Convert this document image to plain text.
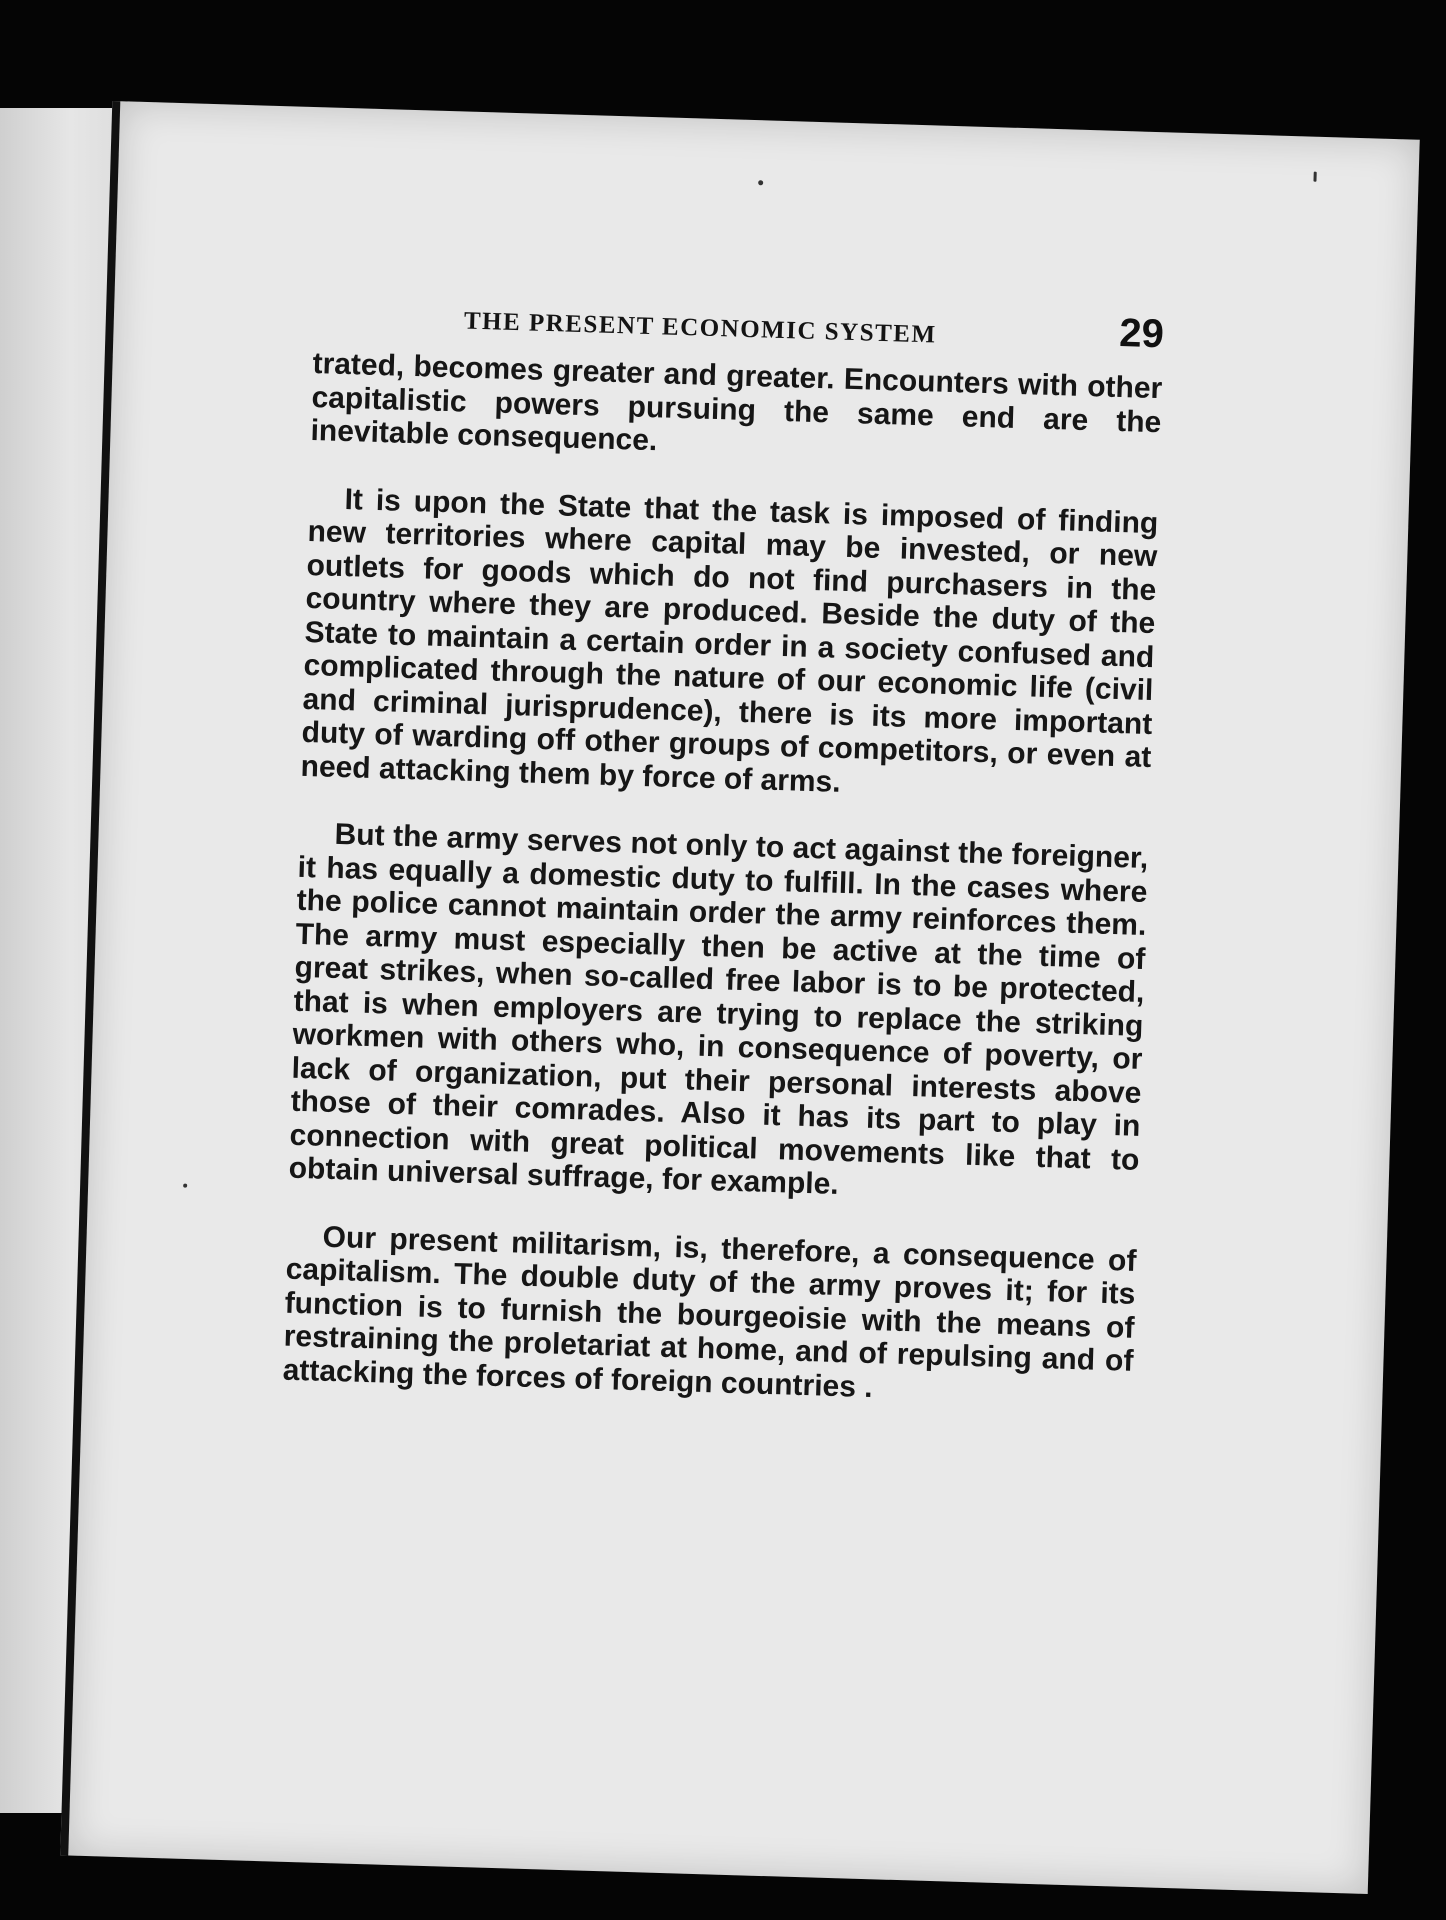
THE PRESENT ECONOMIC SYSTEM	29

trated, becomes greater and greater. Encounters with other capitalistic powers pursuing the same end are the inevitable consequence.

It is upon the State that the task is imposed of finding new territories where capital may be invested, or new outlets for goods which do not find purchasers in the country where they are produced. Beside the duty of the State to maintain a certain order in a society confused and complicated through the nature of our economic life (civil and criminal jurisprudence), there is its more important duty of warding off other groups of competitors, or even at need attacking them by force of arms.

But the army serves not only to act against the foreigner, it has equally a domestic duty to fulfill. In the cases where the police cannot maintain order the army reinforces them. The army must especially then be active at the time of great strikes, when so-called free labor is to be protected, that is when employers are trying to replace the striking workmen with others who, in consequence of poverty, or lack of organization, put their personal interests above those of their comrades. Also it has its part to play in connection with great political movements like that to obtain universal suffrage, for example.

Our present militarism, is, therefore, a consequence of capitalism. The double duty of the army proves it; for its function is to furnish the bourgeoisie with the means of restraining the proletariat at home, and of repulsing and of attacking the forces of foreign countries .
